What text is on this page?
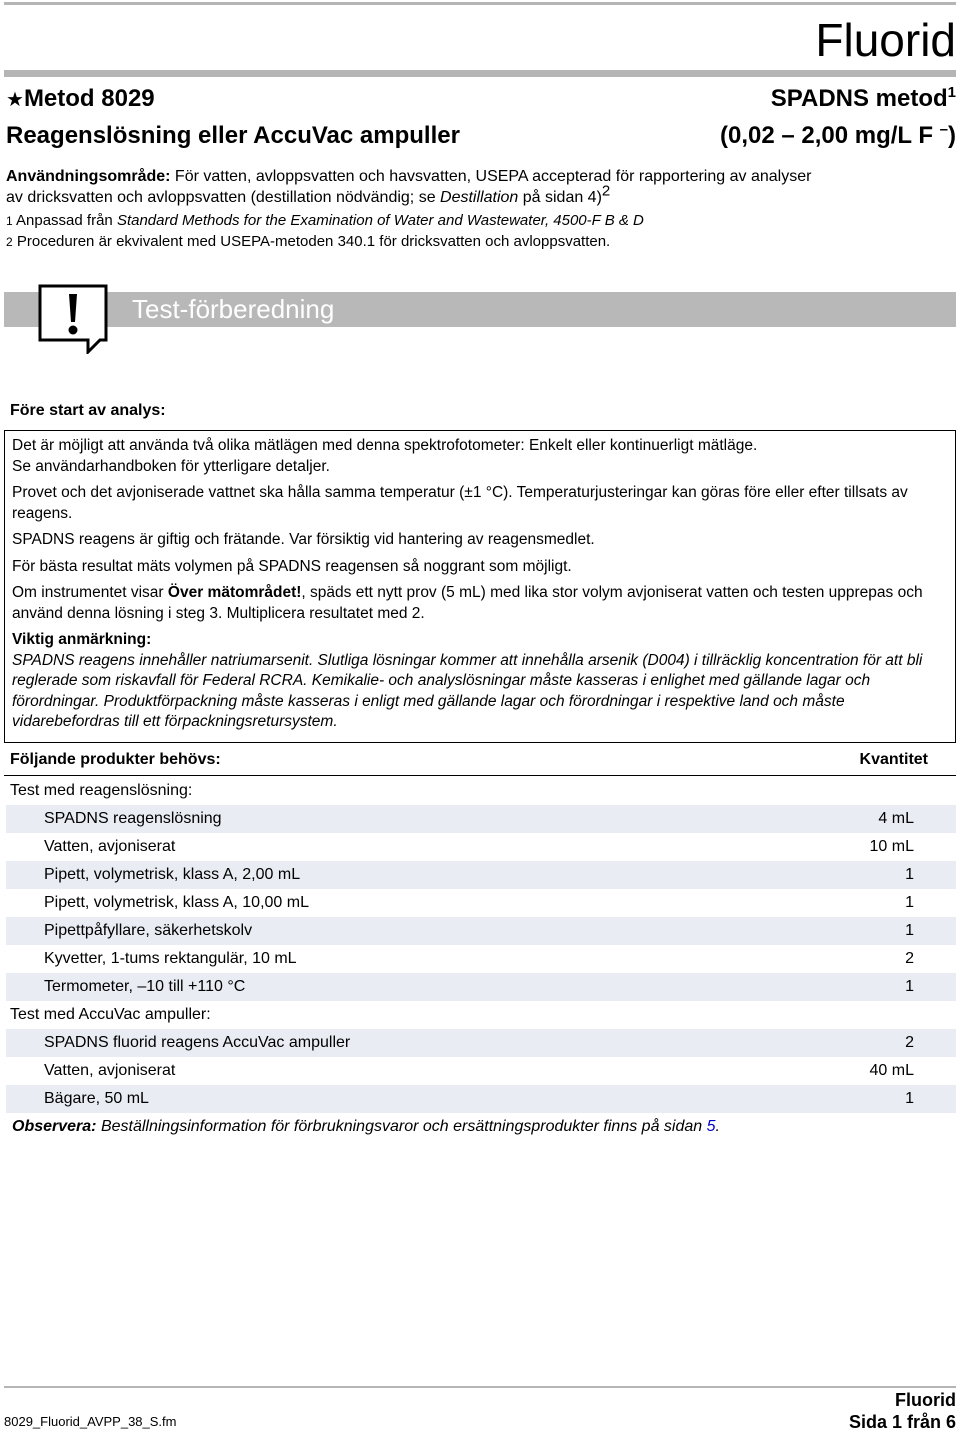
Fluorid
★Metod 8029	SPADNS metod$^1$
Reagenslösning eller AccuVac ampuller	(0,02 – 2,00 mg/L F –)
Användningsområde: För vatten, avloppsvatten och havsvatten, USEPA accepterad för rapportering av analyser
av dricksvatten och avloppsvatten (destillation nödvändig; se Destillation på sidan 4)2
$^1$ Anpassad från Standard Methods for the Examination of Water and Wastewater, 4500-F B & D
$^2$ Proceduren är ekvivalent med USEPA-metoden 340.1 för dricksvatten och avloppsvatten.
Test-förberedning
Före start av analys:

Det är möjligt att använda två olika mätlägen med denna spektrofotometer: Enkelt eller kontinuerligt mätläge.
Se användarhandboken för ytterligare detaljer.

Provet och det avjoniserade vattnet ska hålla samma temperatur (±1 °C). Temperaturjusteringar kan göras före eller efter tillsats av reagens.

SPADNS reagens är giftig och frätande. Var försiktig vid hantering av reagensmedlet.

För bästa resultat mäts volymen på SPADNS reagensen så noggrant som möjligt.

Om instrumentet visar Över mätområdet!, späds ett nytt prov (5 mL) med lika stor volym avjoniserat vatten och testen upprepas och använd denna lösning i steg 3. Multiplicera resultatet med 2.

Viktig anmärkning:
SPADNS reagens innehåller natriumarsenit. Slutliga lösningar kommer att innehålla arsenik (D004) i tillräcklig koncentration för att bli reglerade som riskavfall för Federal RCRA. Kemikalie- och analyslösningar måste kasseras i enlighet med gällande lagar och förordningar. Produktförpackning måste kasseras i enligt med gällande lagar och förordningar i respektive land och måste vidarebefordras till ett förpackningsretursystem.

Följande produkter behövs:	Kvantitet
Test med reagenslösning:
SPADNS reagenslösning	4 mL
Vatten, avjoniserat	10 mL
Pipett, volymetrisk, klass A, 2,00 mL	1
Pipett, volymetrisk, klass A, 10,00 mL	1
Pipettpåfyllare, säkerhetskolv	1
Kyvetter, 1-tums rektangulär, 10 mL	2
Termometer, –10 till +110 °C	1
Test med AccuVac ampuller:
SPADNS fluorid reagens AccuVac ampuller	2
Vatten, avjoniserat	40 mL
Bägare, 50 mL	1
Observera: Beställningsinformation för förbrukningsvaror och ersättningsprodukter finns på sidan 5.
8029_Fluorid_AVPP_38_S.fm
Fluorid
Sida 1 från 6
